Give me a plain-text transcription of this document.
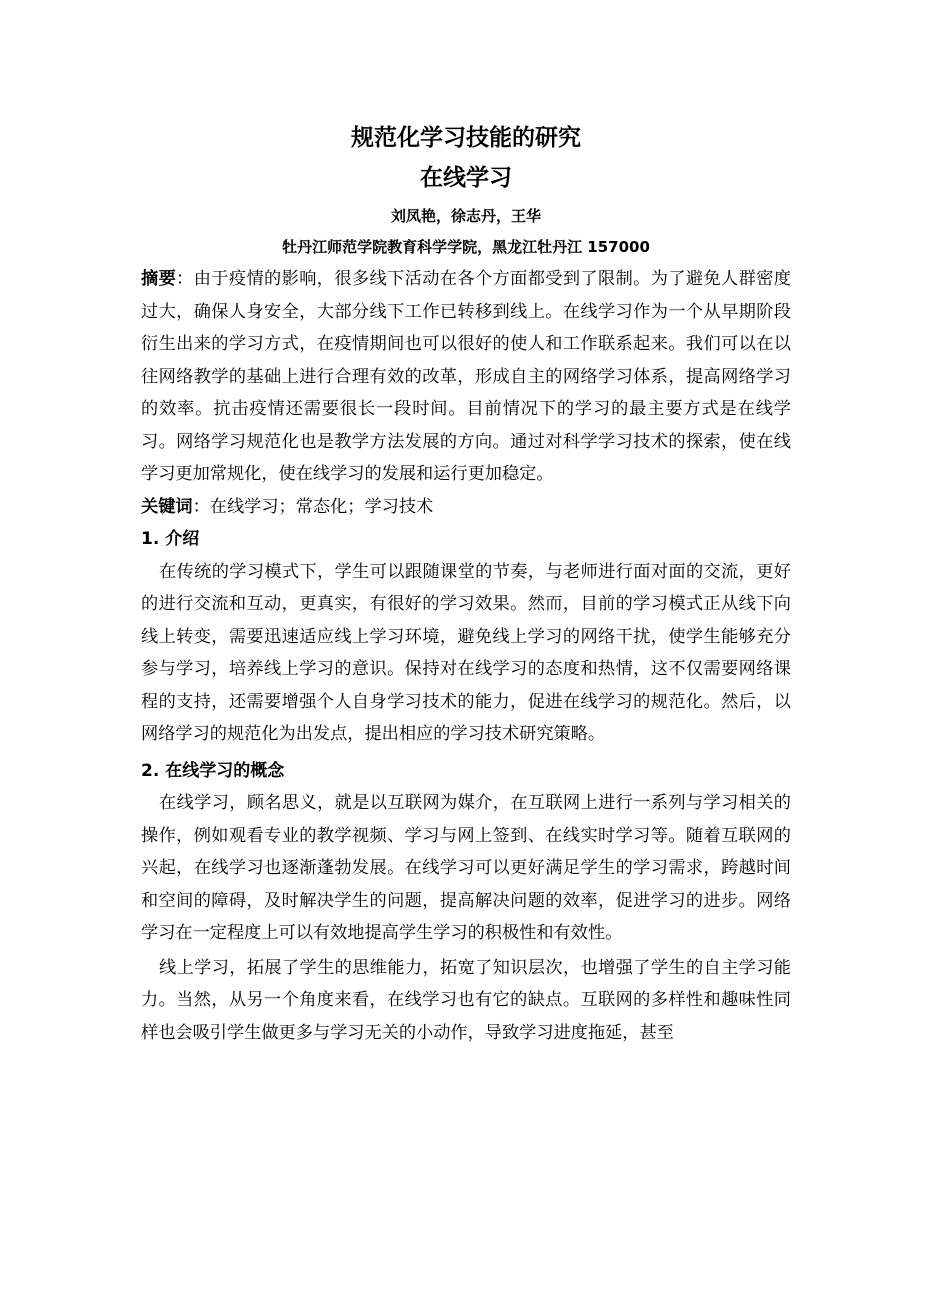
规范化学习技能的研究
在线学习
刘凤艳，徐志丹，王华
牡丹江师范学院教育科学学院，黑龙江牡丹江 157000

摘要：由于疫情的影响，很多线下活动在各个方面都受到了限制。为了避免人群密度过大，确保人身安全，大部分线下工作已转移到线上。在线学习作为一个从早期阶段衍生出来的学习方式，在疫情期间也可以很好的使人和工作联系起来。我们可以在以往网络教学的基础上进行合理有效的改革，形成自主的网络学习体系，提高网络学习的效率。抗击疫情还需要很长一段时间。目前情况下的学习的最主要方式是在线学习。网络学习规范化也是教学方法发展的方向。通过对科学学习技术的探索，使在线学习更加常规化，使在线学习的发展和运行更加稳定。

关键词：在线学习；常态化；学习技术

1. 介绍

在传统的学习模式下，学生可以跟随课堂的节奏，与老师进行面对面的交流，更好的进行交流和互动，更真实，有很好的学习效果。然而，目前的学习模式正从线下向线上转变，需要迅速适应线上学习环境，避免线上学习的网络干扰，使学生能够充分参与学习，培养线上学习的意识。保持对在线学习的态度和热情，这不仅需要网络课程的支持，还需要增强个人自身学习技术的能力，促进在线学习的规范化。然后，以网络学习的规范化为出发点，提出相应的学习技术研究策略。

2. 在线学习的概念

在线学习，顾名思义，就是以互联网为媒介，在互联网上进行一系列与学习相关的操作，例如观看专业的教学视频、学习与网上签到、在线实时学习等。随着互联网的兴起，在线学习也逐渐蓬勃发展。在线学习可以更好满足学生的学习需求，跨越时间和空间的障碍，及时解决学生的问题，提高解决问题的效率，促进学习的进步。网络学习在一定程度上可以有效地提高学生学习的积极性和有效性。

线上学习，拓展了学生的思维能力，拓宽了知识层次，也增强了学生的自主学习能力。当然，从另一个角度来看，在线学习也有它的缺点。互联网的多样性和趣味性同样也会吸引学生做更多与学习无关的小动作，导致学习进度拖延，甚至
